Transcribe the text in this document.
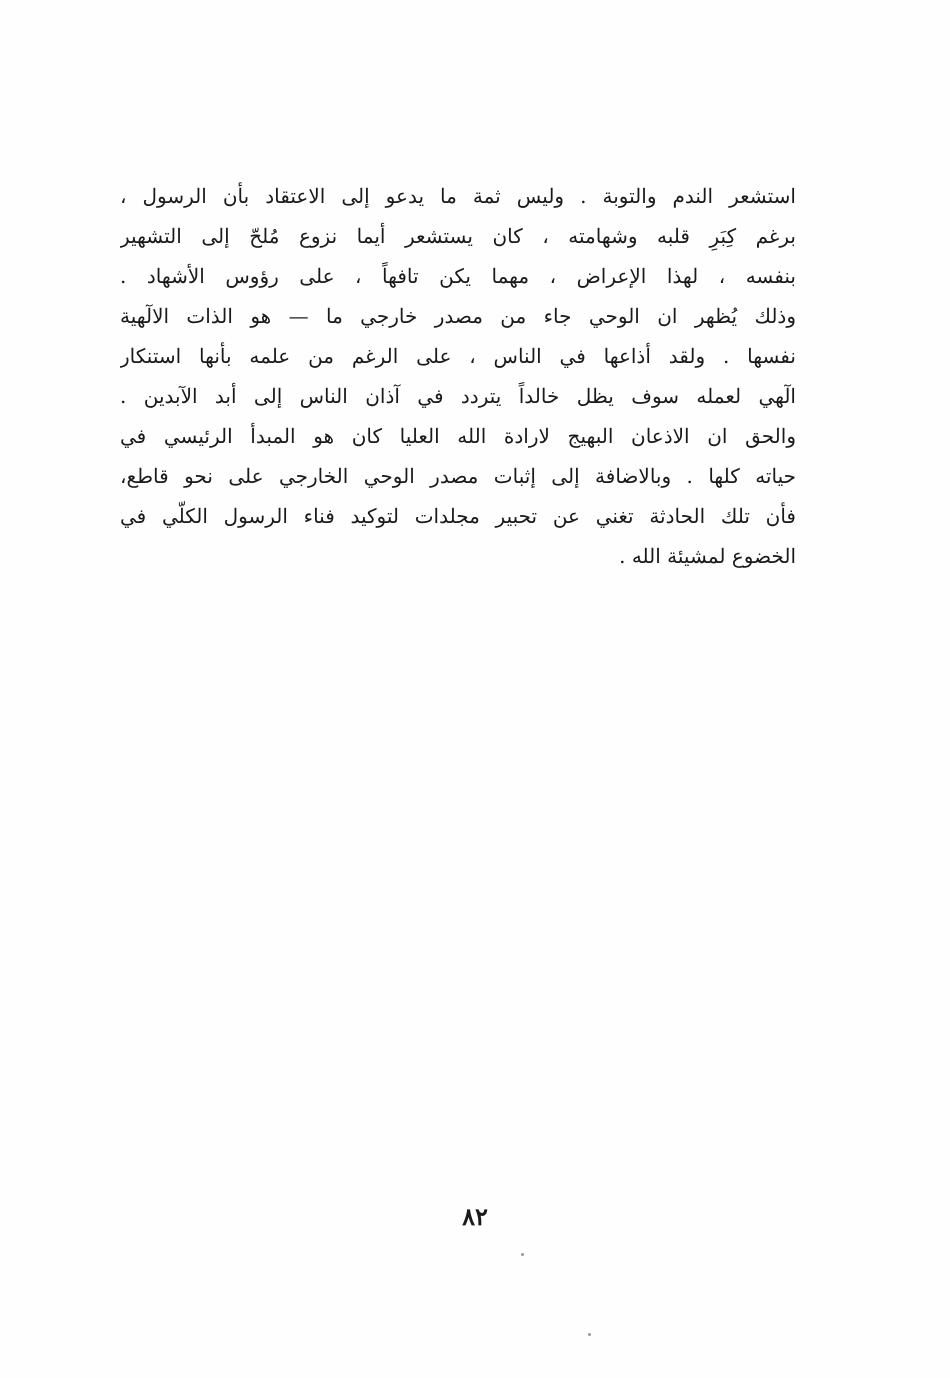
استشعر الندم والتوبة . وليس ثمة ما يدعو إلى الاعتقاد بأن الرسول ،
برغم كِبَرِ قلبه وشهامته ، كان يستشعر أيما نزوع مُلحّ إلى التشهير
بنفسه ، لهذا الإعراض ، مهما يكن تافهاً ، على رؤوس الأشهاد .
وذلك يُظهر ان الوحي جاء من مصدر خارجي ما — هو الذات الالٓهية
نفسها . ولقد أذاعها في الناس ، على الرغم من علمه بأنها استنكار
الٓهي لعمله سوف يظل خالداً يتردد في آذان الناس إلى أبد الآبدين .
والحق ان الاذعان البهيج لارادة الله العليا كان هو المبدأ الرئيسي في
حياته كلها . وبالاضافة إلى إثبات مصدر الوحي الخارجي على نحو قاطع،
فأن تلك الحادثة تغني عن تحبير مجلدات لتوكيد فناء الرسول الكلّي في
الخضوع لمشيئة الله .
٨٢
